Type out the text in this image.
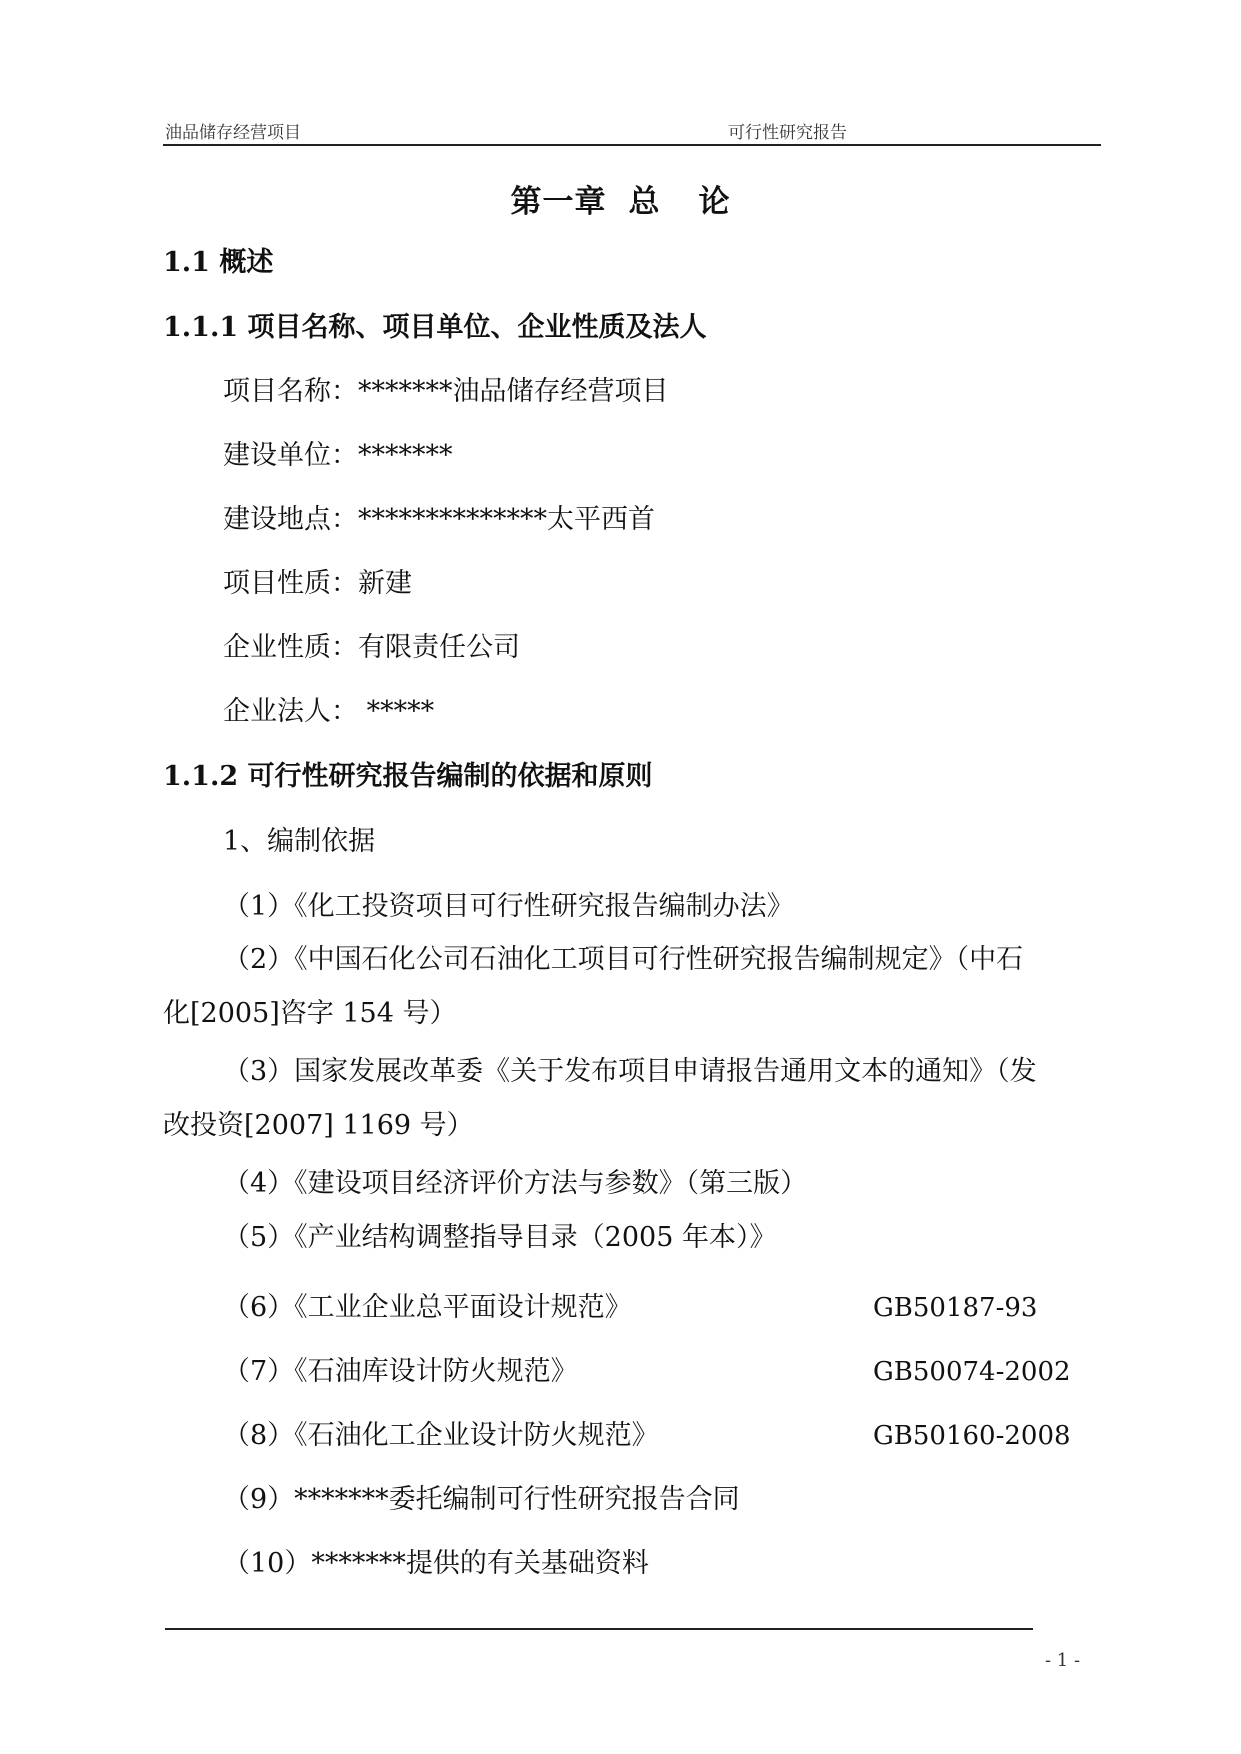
油品储存经营项目	可行性研究报告
第一章 总 论
1.1 概述
1.1.1 项目名称、项目单位、企业性质及法人
项目名称：*******油品储存经营项目
建设单位：*******
建设地点：**************太平西首
项目性质：新建
企业性质：有限责任公司
企业法人： *****
1.1.2 可行性研究报告编制的依据和原则
1、编制依据
（1）《化工投资项目可行性研究报告编制办法》
（2）《中国石化公司石油化工项目可行性研究报告编制规定》（中石
化[2005]咨字 154 号）
（3）国家发展改革委《关于发布项目申请报告通用文本的通知》（发
改投资[2007] 1169 号）
（4）《建设项目经济评价方法与参数》（第三版）
（5）《产业结构调整指导目录（2005 年本）》
（6）《工业企业总平面设计规范》	GB50187-93
（7）《石油库设计防火规范》	GB50074-2002
（8）《石油化工企业设计防火规范》	GB50160-2008
（9）*******委托编制可行性研究报告合同
（10）*******提供的有关基础资料
- 1 -
